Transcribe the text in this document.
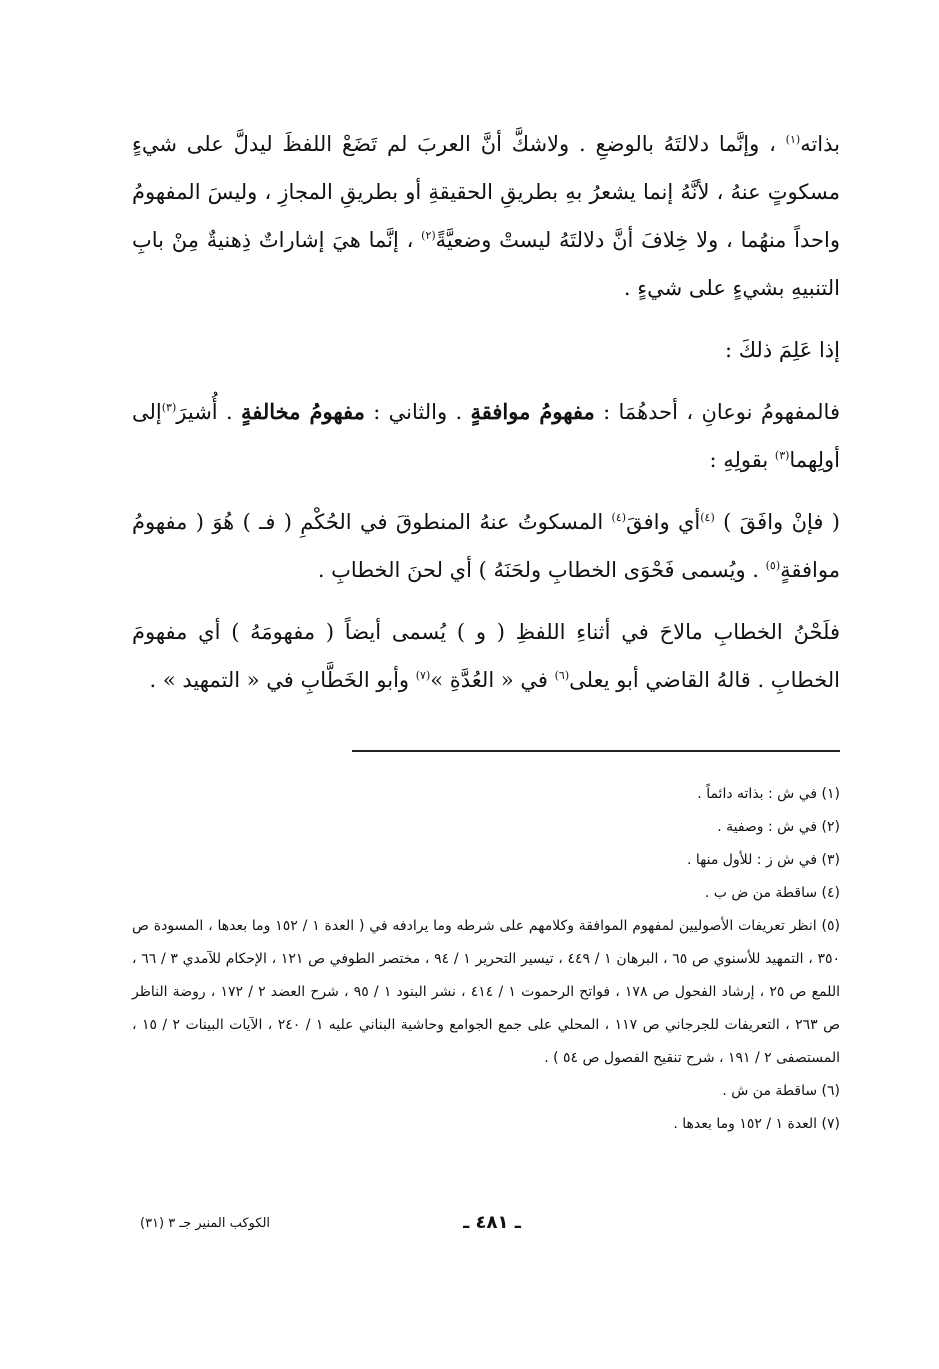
بذاته$^{(١)}$ ، وإنَّما دلالتَهُ بالوضعِ . ولاشكَّ أنَّ العربَ لم تَضَعْ اللفظَ ليدلَّ على شيءٍ مسكوتٍ عنهُ ، لأنَّهُ إنما يشعرُ بهِ بطريقِ الحقيقةِ أو بطريقِ المجازِ ، وليسَ المفهومُ واحداً منهُما ، ولا خِلافَ أنَّ دلالتَهُ ليستْ وضعيَّةً$^{(٢)}$ ، إنَّما هيَ إشاراتٌ ذِهنيةٌ مِنْ بابِ التنبيهِ بشيءٍ على شيءٍ .

إذا عَلِمَ ذلكَ :

فالمفهومُ نوعانِ ، أحدهُمَا : مفهومُ موافقةٍ . والثاني : مفهومُ مخالفةٍ . أُشيرَ$^{(٣)}$إلى أولِهما$^{(٣)}$ بقولِهِ :

( فإنْ وافَقَ ) $^{(٤)}$أي وافقَ$^{(٤)}$ المسكوتُ عنهُ المنطوقَ في الحُكْمِ ( فـ ) هُوَ ( مفهومُ موافقةٍ$^{(٥)}$ . ويُسمى فَحْوَى الخطابِ ولحَنَهُ ) أي لحنَ الخطابِ .

فلَحْنُ الخطابِ مالاحَ في أثناءِ اللفظِ ( و ) يُسمى أيضاً ( مفهومَهُ ) أي مفهومَ الخطابِ . قالهُ القاضي أبو يعلى$^{(٦)}$ في « العُدَّةِ »$^{(٧)}$ وأبو الخَطَّابِ في « التمهيد » .

(١) في ش : بذاته دائماً .

(٢) في ش : وصفية .

(٣) في ش ز : للأول منها .

(٤) ساقطة من ض ب .

(٥) انظر تعريفات الأصوليين لمفهوم الموافقة وكلامهم على شرطه وما يرادفه في ( العدة ١ / ١٥٢ وما بعدها ، المسودة ص ٣٥٠ ، التمهيد للأسنوي ص ٦٥ ، البرهان ١ / ٤٤٩ ، تيسير التحرير ١ / ٩٤ ، مختصر الطوفي ص ١٢١ ، الإحكام للآمدي ٣ / ٦٦ ، اللمع ص ٢٥ ، إرشاد الفحول ص ١٧٨ ، فواتح الرحموت ١ / ٤١٤ ، نشر البنود ١ / ٩٥ ، شرح العضد ٢ / ١٧٢ ، روضة الناظر ص ٢٦٣ ، التعريفات للجرجاني ص ١١٧ ، المحلي على جمع الجوامع وحاشية البناني عليه ١ / ٢٤٠ ، الآيات البينات ٢ / ١٥ ، المستصفى ٢ / ١٩١ ، شرح تنقيح الفصول ص ٥٤ ) .

(٦) ساقطة من ش .

(٧) العدة ١ / ١٥٢ وما بعدها .

الكوكب المنير جـ ٣ (٣١)	ـ ٤٨١ ـ
